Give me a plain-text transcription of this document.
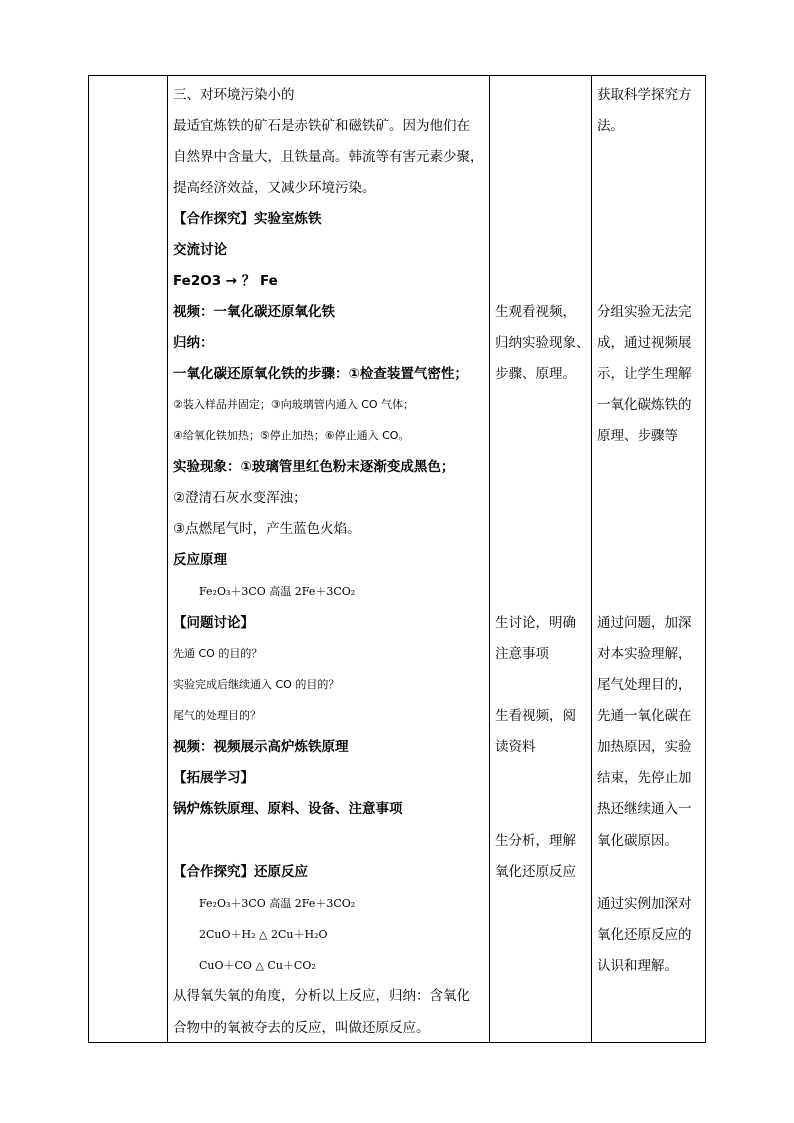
三、对环境污染小的
最适宜炼铁的矿石是赤铁矿和磁铁矿。因为他们在
自然界中含量大，且铁量高。韩流等有害元素少聚，
提高经济效益，又减少环境污染。
【合作探究】实验室炼铁
交流讨论
Fe2O3 → ？ Fe
视频：一氧化碳还原氧化铁
归纳：
一氧化碳还原氧化铁的步骤：①检查装置气密性；
②装入样品并固定；③向玻璃管内通入 CO 气体；
④给氧化铁加热；⑤停止加热；⑥停止通入 CO。
实验现象：①玻璃管里红色粉末逐渐变成黑色；
②澄清石灰水变浑浊；
③点燃尾气时，产生蓝色火焰。
反应原理
Fe₂O₃＋3CO 高温 2Fe＋3CO₂
【问题讨论】
先通 CO 的目的？
实验完成后继续通入 CO 的目的？
尾气的处理目的？
视频：视频展示高炉炼铁原理
【拓展学习】
锅炉炼铁原理、原料、设备、注意事项
【合作探究】还原反应
Fe₂O₃＋3CO 高温 2Fe＋3CO₂
2CuO＋H₂ △ 2Cu＋H₂O
CuO＋CO △ Cu＋CO₂
从得氧失氧的角度，分析以上反应，归纳：含氧化
合物中的氧被夺去的反应，叫做还原反应。
生观看视频，
归纳实验现象、
步骤、原理。
生讨论，明确
注意事项
生看视频，阅
读资料
生分析，理解
氧化还原反应
获取科学探究方
法。
分组实验无法完
成，通过视频展
示，让学生理解
一氧化碳炼铁的
原理、步骤等
通过问题，加深
对本实验理解，
尾气处理目的，
先通一氧化碳在
加热原因，实验
结束，先停止加
热还继续通入一
氧化碳原因。
通过实例加深对
氧化还原反应的
认识和理解。
